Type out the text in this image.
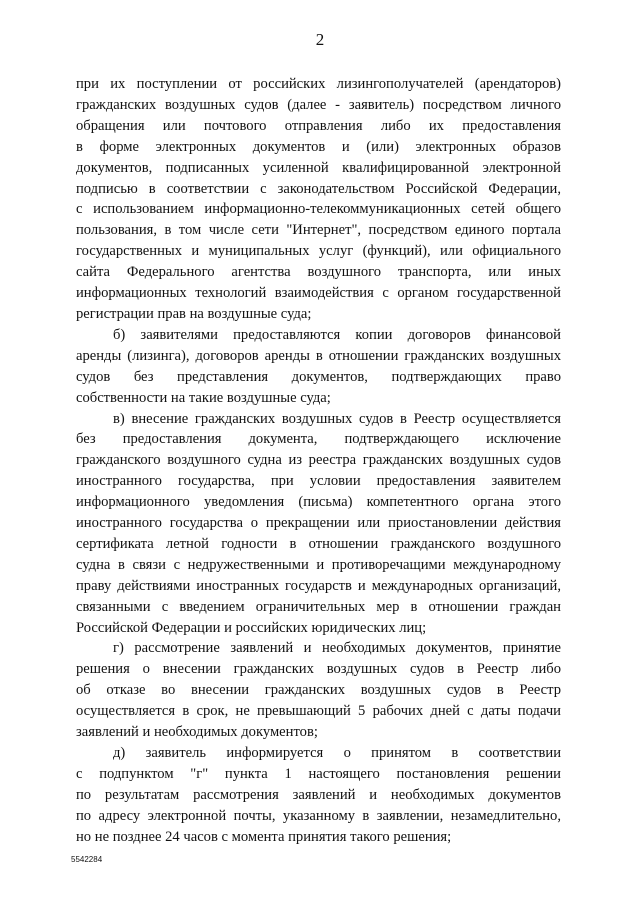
2
при их поступлении от российских лизингополучателей (арендаторов)
гражданских воздушных судов (далее - заявитель) посредством личного
обращения или почтового отправления либо их предоставления
в форме электронных документов и (или) электронных образов
документов, подписанных усиленной квалифицированной электронной
подписью в соответствии с законодательством Российской Федерации,
с использованием информационно-телекоммуникационных сетей общего
пользования, в том числе сети "Интернет", посредством единого портала
государственных и муниципальных услуг (функций), или официального
сайта Федерального агентства воздушного транспорта, или иных
информационных технологий взаимодействия с органом государственной
регистрации прав на воздушные суда;
б) заявителями предоставляются копии договоров финансовой
аренды (лизинга), договоров аренды в отношении гражданских воздушных
судов без представления документов, подтверждающих право
собственности на такие воздушные суда;
в) внесение гражданских воздушных судов в Реестр осуществляется
без предоставления документа, подтверждающего исключение
гражданского воздушного судна из реестра гражданских воздушных судов
иностранного государства, при условии предоставления заявителем
информационного уведомления (письма) компетентного органа этого
иностранного государства о прекращении или приостановлении действия
сертификата летной годности в отношении гражданского воздушного
судна в связи с недружественными и противоречащими международному
праву действиями иностранных государств и международных организаций,
связанными с введением ограничительных мер в отношении граждан
Российской Федерации и российских юридических лиц;
г) рассмотрение заявлений и необходимых документов, принятие
решения о внесении гражданских воздушных судов в Реестр либо
об отказе во внесении гражданских воздушных судов в Реестр
осуществляется в срок, не превышающий 5 рабочих дней с даты подачи
заявлений и необходимых документов;
д) заявитель информируется о принятом в соответствии
с подпунктом "г" пункта 1 настоящего постановления решении
по результатам рассмотрения заявлений и необходимых документов
по адресу электронной почты, указанному в заявлении, незамедлительно,
но не позднее 24 часов с момента принятия такого решения;
5542284
